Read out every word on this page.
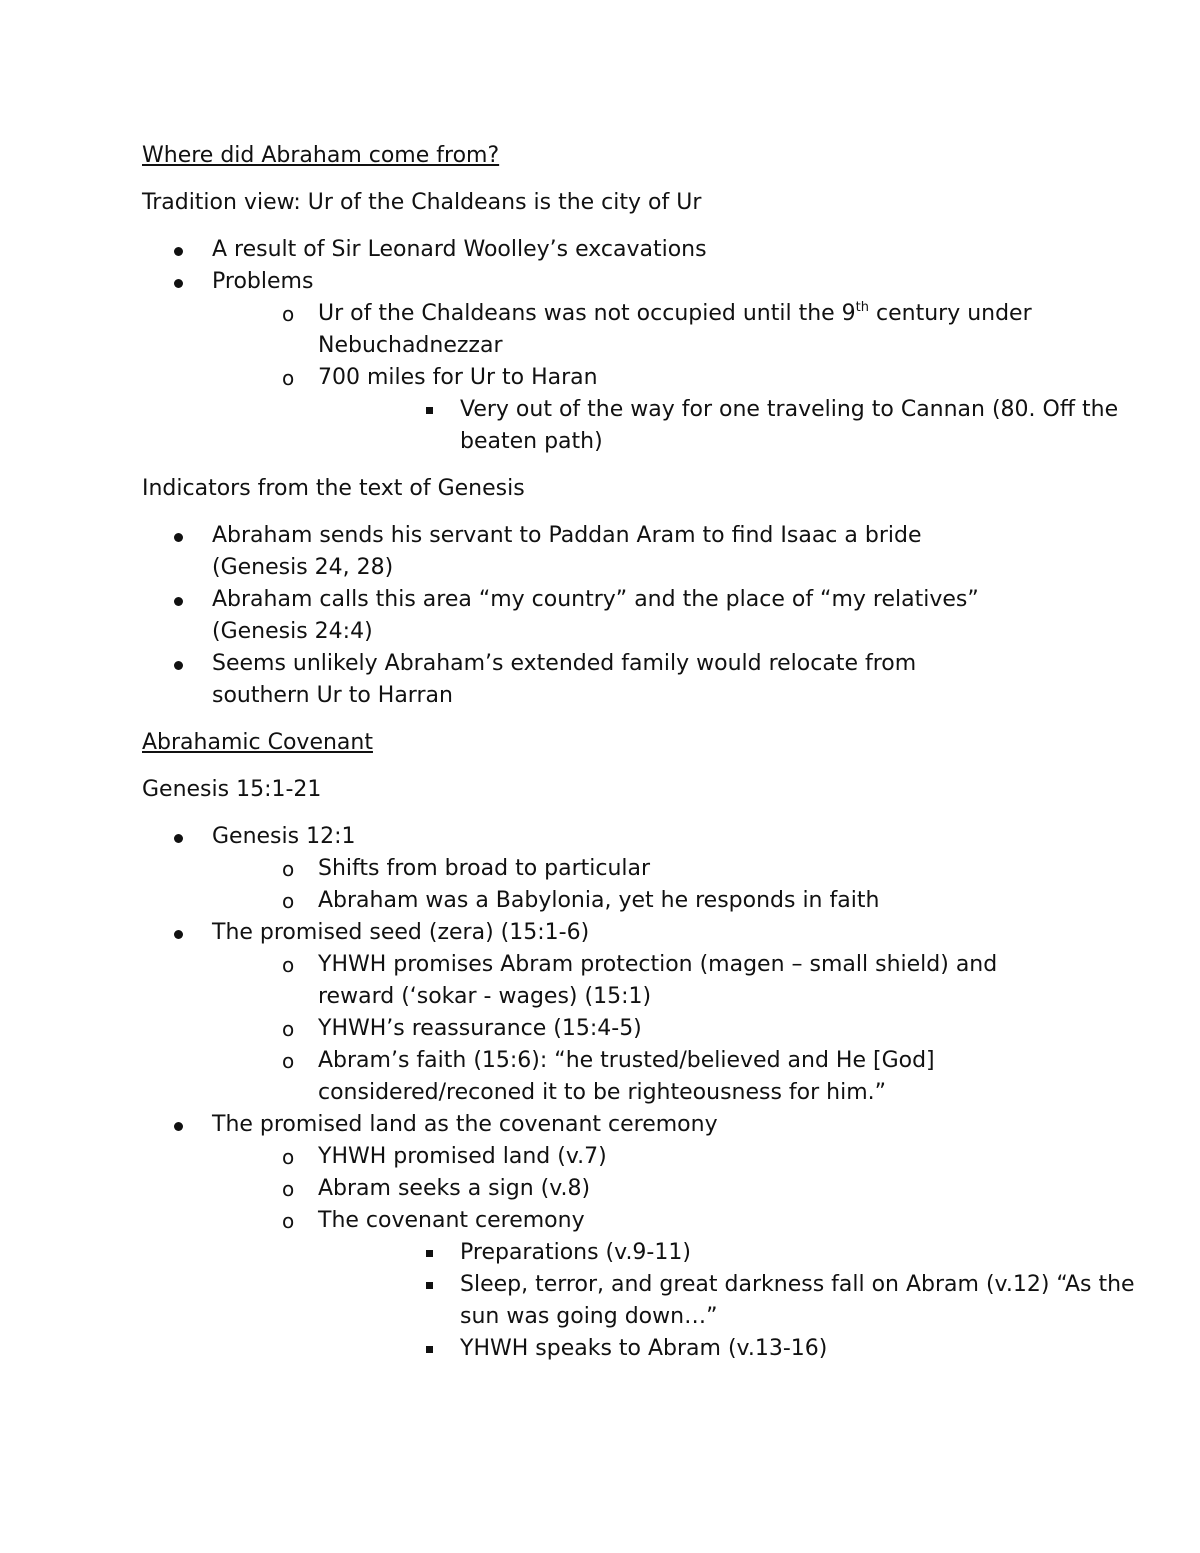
Where did Abraham come from?

Tradition view: Ur of the Chaldeans is the city of Ur

A result of Sir Leonard Woolley’s excavations
Problems
o Ur of the Chaldeans was not occupied until the 9th century under
Nebuchadnezzar
o 700 miles for Ur to Haran
Very out of the way for one traveling to Cannan (80. Off the
beaten path)

Indicators from the text of Genesis

Abraham sends his servant to Paddan Aram to find Isaac a bride
(Genesis 24, 28)
Abraham calls this area “my country” and the place of “my relatives”
(Genesis 24:4)
Seems unlikely Abraham’s extended family would relocate from
southern Ur to Harran

Abrahamic Covenant

Genesis 15:1-21

Genesis 12:1
o Shifts from broad to particular
o Abraham was a Babylonia, yet he responds in faith
The promised seed (zera) (15:1-6)
o YHWH promises Abram protection (magen – small shield) and
reward (‘sokar - wages) (15:1)
o YHWH’s reassurance (15:4-5)
o Abram’s faith (15:6): “he trusted/believed and He [God]
considered/reconed it to be righteousness for him.”
The promised land as the covenant ceremony
o YHWH promised land (v.7)
o Abram seeks a sign (v.8)
o The covenant ceremony
Preparations (v.9-11)
Sleep, terror, and great darkness fall on Abram (v.12) “As the
sun was going down…”
YHWH speaks to Abram (v.13-16)
